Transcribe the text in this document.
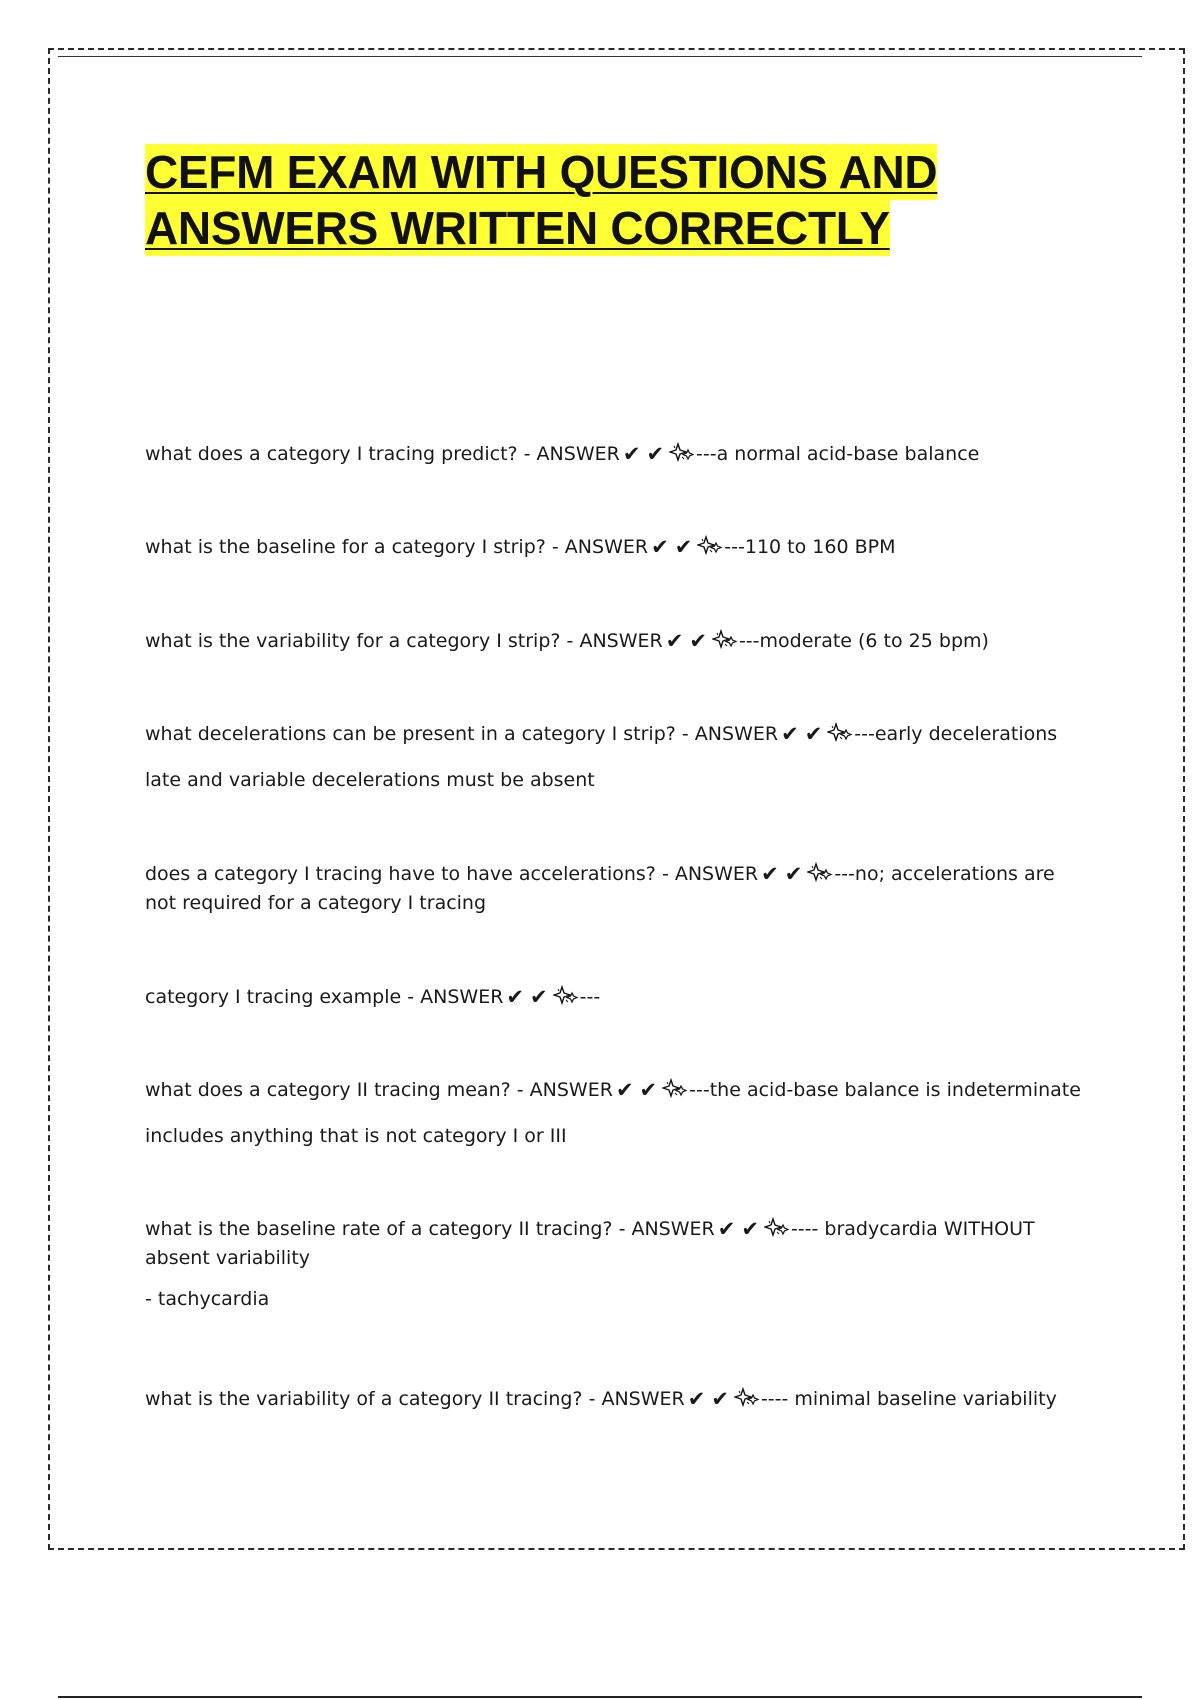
CEFM EXAM WITH QUESTIONS AND
ANSWERS WRITTEN CORRECTLY

what does a category I tracing predict? - ANSWER ✔ ✔ ---a normal acid-base balance

what is the baseline for a category I strip? - ANSWER ✔ ✔ ---110 to 160 BPM

what is the variability for a category I strip? - ANSWER ✔ ✔ ---moderate (6 to 25 bpm)

what decelerations can be present in a category I strip? - ANSWER ✔ ✔ ---early decelerations

late and variable decelerations must be absent

does a category I tracing have to have accelerations? - ANSWER ✔ ✔ ---no; accelerations are not required for a category I tracing

category I tracing example - ANSWER ✔ ✔ ---

what does a category II tracing mean? - ANSWER ✔ ✔ ---the acid-base balance is indeterminate

includes anything that is not category I or III

what is the baseline rate of a category II tracing? - ANSWER ✔ ✔ ---- bradycardia WITHOUT absent variability

- tachycardia

what is the variability of a category II tracing? - ANSWER ✔ ✔ ---- minimal baseline variability
